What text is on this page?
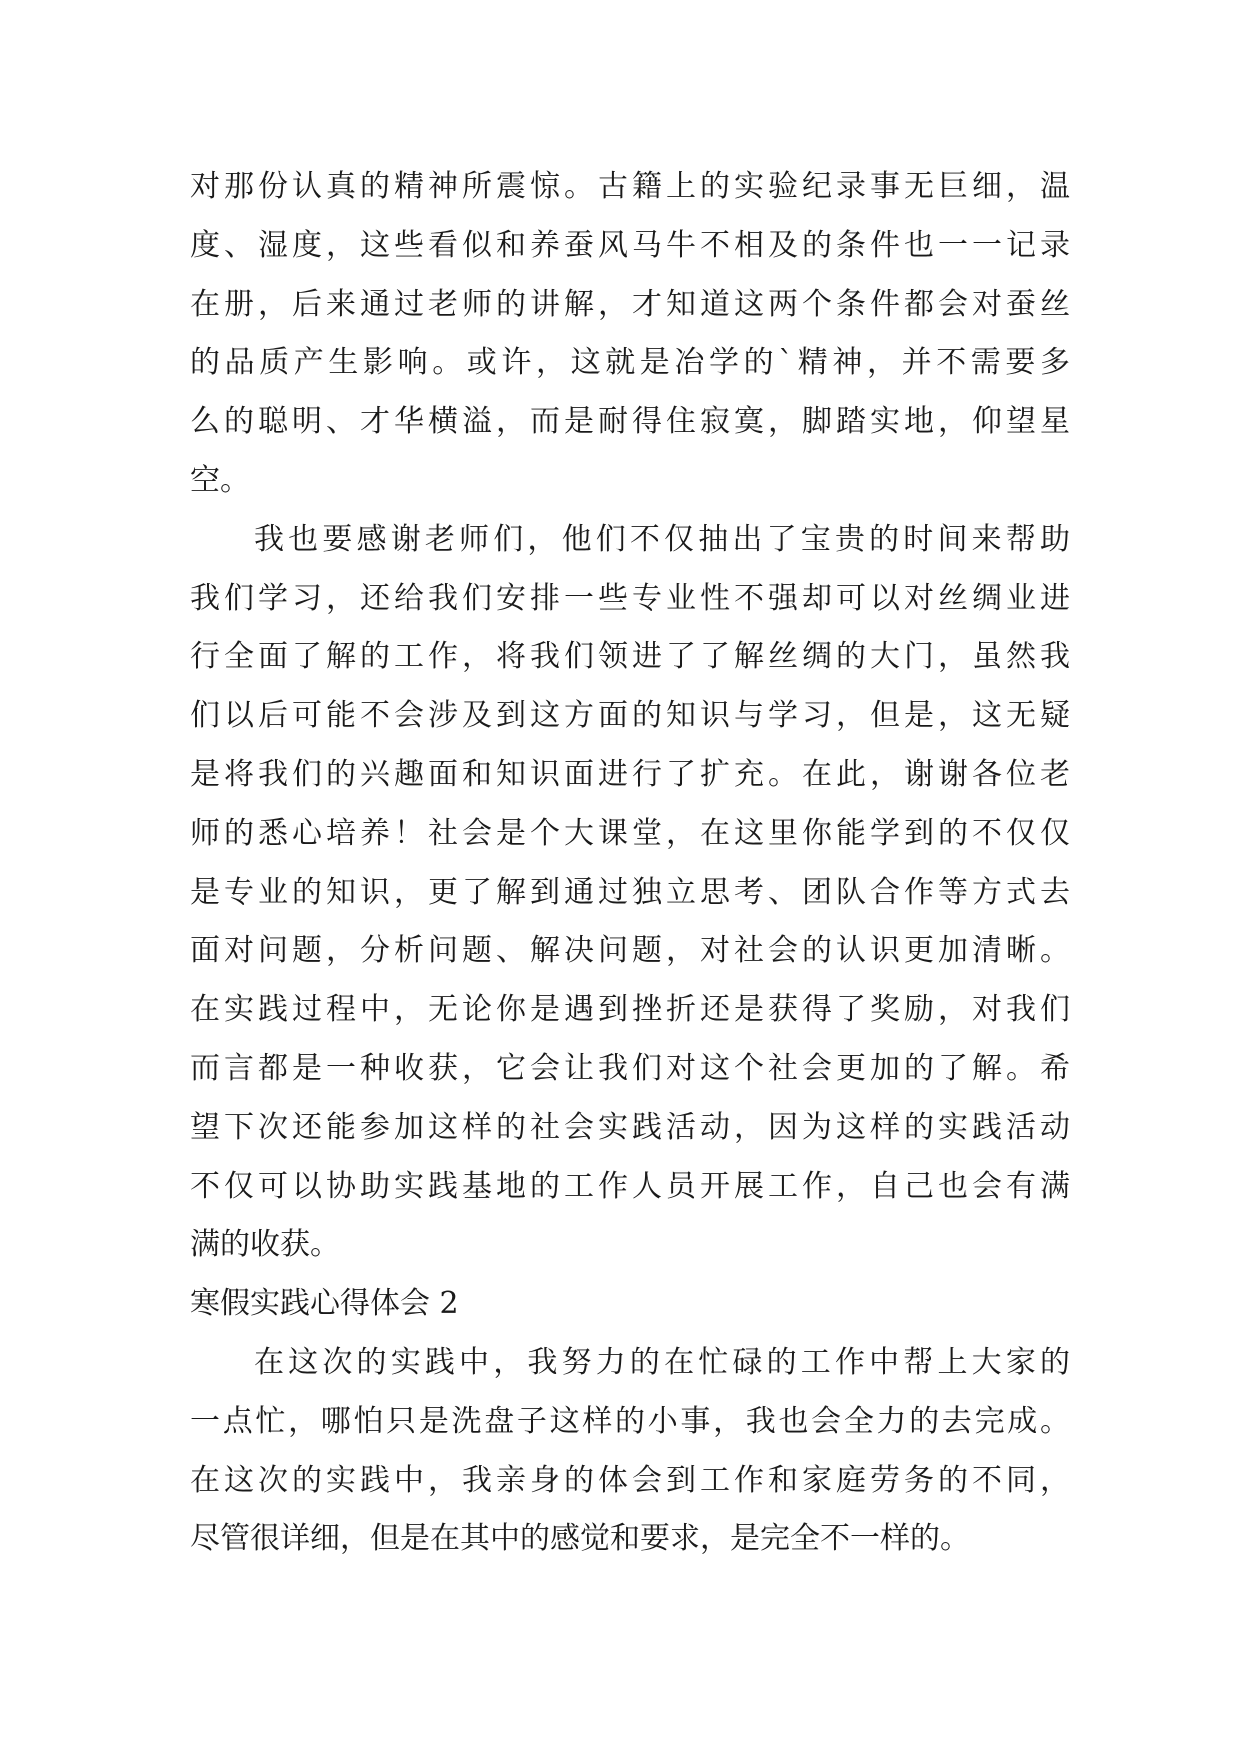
对那份认真的精神所震惊。古籍上的实验纪录事无巨细，温
度、湿度，这些看似和养蚕风马牛不相及的条件也一一记录
在册，后来通过老师的讲解，才知道这两个条件都会对蚕丝
的品质产生影响。或许，这就是冶学的`精神，并不需要多
么的聪明、才华横溢，而是耐得住寂寞，脚踏实地，仰望星
空。
我也要感谢老师们，他们不仅抽出了宝贵的时间来帮助
我们学习，还给我们安排一些专业性不强却可以对丝绸业进
行全面了解的工作，将我们领进了了解丝绸的大门，虽然我
们以后可能不会涉及到这方面的知识与学习，但是，这无疑
是将我们的兴趣面和知识面进行了扩充。在此，谢谢各位老
师的悉心培养！社会是个大课堂，在这里你能学到的不仅仅
是专业的知识，更了解到通过独立思考、团队合作等方式去
面对问题，分析问题、解决问题，对社会的认识更加清晰。
在实践过程中，无论你是遇到挫折还是获得了奖励，对我们
而言都是一种收获，它会让我们对这个社会更加的了解。希
望下次还能参加这样的社会实践活动，因为这样的实践活动
不仅可以协助实践基地的工作人员开展工作，自己也会有满
满的收获。
寒假实践心得体会 2
在这次的实践中，我努力的在忙碌的工作中帮上大家的
一点忙，哪怕只是洗盘子这样的小事，我也会全力的去完成。
在这次的实践中，我亲身的体会到工作和家庭劳务的不同，
尽管很详细，但是在其中的感觉和要求，是完全不一样的。
